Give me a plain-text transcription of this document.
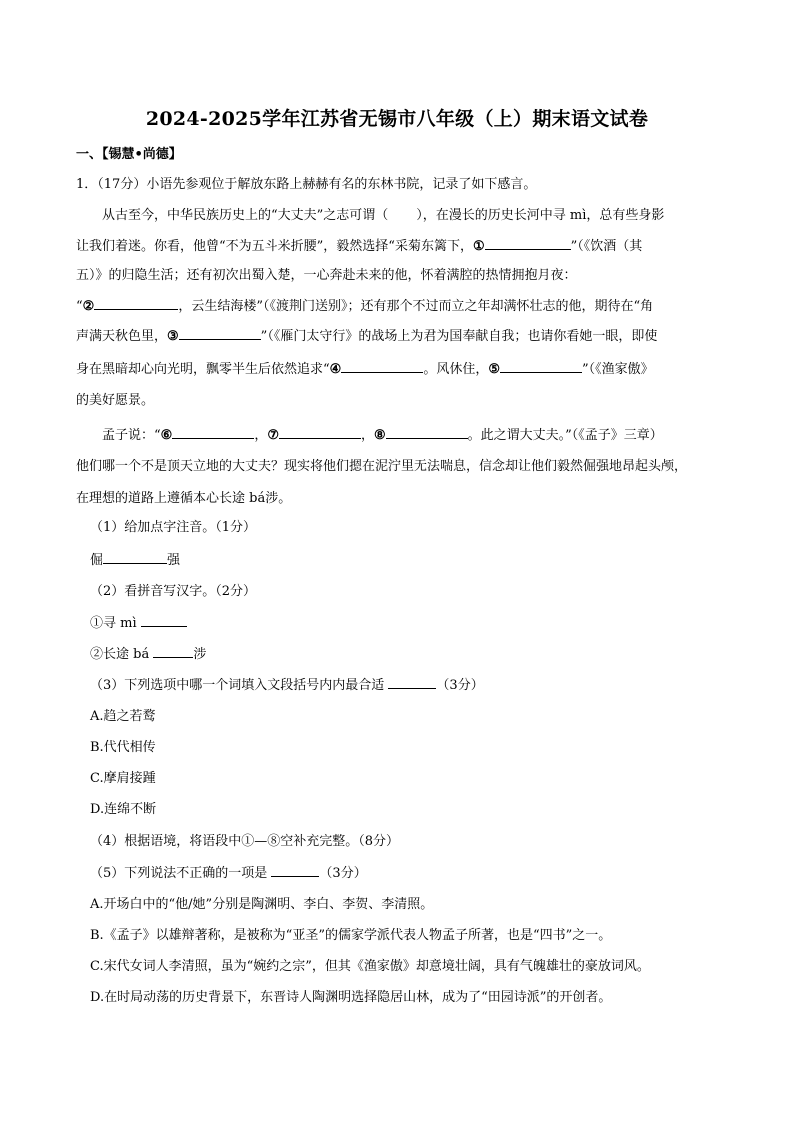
2024-2025学年江苏省无锡市八年级（上）期末语文试卷
一、【锡慧•尚德】
1．（17分）小语先参观位于解放东路上赫赫有名的东林书院，记录了如下感言。
从古至今，中华民族历史上的“大丈夫”之志可谓（ ），在漫长的历史长河中寻 mì，总有些身影
让我们着迷。你看，他曾“不为五斗米折腰”，毅然选择“采菊东篱下，①	”（《饮酒（其
五）》的归隐生活；还有初次出蜀入楚，一心奔赴未来的他，怀着满腔的热情拥抱月夜：
“②	，云生结海楼”（《渡荆门送别》；还有那个不过而立之年却满怀壮志的他，期待在“角
声满天秋色里，③	”（《雁门太守行》的战场上为君为国奉献自我；也请你看她一眼，即使
身在黑暗却心向光明，飘零半生后依然追求“④	。风休住，⑤	”（《渔家傲》
的美好愿景。
孟子说：“⑥	，⑦	，⑧	。此之谓大丈夫。”（《孟子》三章）
他们哪一个不是顶天立地的大丈夫？现实将他们摁在泥泞里无法喘息，信念却让他们毅然倔强地昂起头颅，
在理想的道路上遵循本心长途 bá涉。
（1）给加点字注音。（1分）
倔	强
（2）看拼音写汉字。（2分）
①寻 mì
②长途 bá	涉
（3）下列选项中哪一个词填入文段括号内内最合适	（3分）
A.趋之若鹜
B.代代相传
C.摩肩接踵
D.连绵不断
（4）根据语境，将语段中①—⑧空补充完整。（8分）
（5）下列说法不正确的一项是	（3分）
A.开场白中的“他/她”分别是陶渊明、李白、李贺、李清照。
B.《孟子》以雄辩著称，是被称为“亚圣”的儒家学派代表人物孟子所著，也是“四书”之一。
C.宋代女词人李清照，虽为“婉约之宗”，但其《渔家傲》却意境壮阔，具有气魄雄壮的豪放词风。
D.在时局动荡的历史背景下，东晋诗人陶渊明选择隐居山林，成为了“田园诗派”的开创者。
